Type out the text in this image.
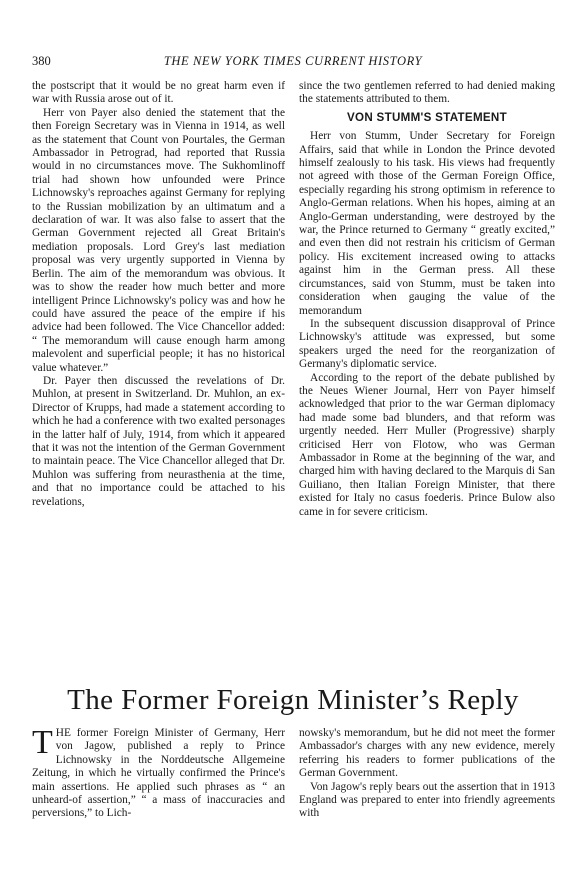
380	THE NEW YORK TIMES CURRENT HISTORY

the postscript that it would be no great harm even if war with Russia arose out of it.

Herr von Payer also denied the statement that the then Foreign Secretary was in Vienna in 1914, as well as the statement that Count von Pourtales, the German Ambassador in Petrograd, had reported that Russia would in no circumstances move. The Sukhomlinoff trial had shown how unfounded were Prince Lichnowsky's reproaches against Germany for replying to the Russian mobilization by an ultimatum and a declaration of war. It was also false to assert that the German Government rejected all Great Britain's mediation proposals. Lord Grey's last mediation proposal was very urgently supported in Vienna by Berlin. The aim of the memorandum was obvious. It was to show the reader how much better and more intelligent Prince Lichnowsky's policy was and how he could have assured the peace of the empire if his advice had been followed. The Vice Chancellor added: “ The memorandum will cause enough harm among malevolent and superficial people; it has no historical value whatever.”

Dr. Payer then discussed the revelations of Dr. Muhlon, at present in Switzerland. Dr. Muhlon, an ex-Director of Krupps, had made a statement according to which he had a conference with two exalted personages in the latter half of July, 1914, from which it appeared that it was not the intention of the German Government to maintain peace. The Vice Chancellor alleged that Dr. Muhlon was suffering from neurasthenia at the time, and that no importance could be attached to his revelations,

since the two gentlemen referred to had denied making the statements attributed to them.

VON STUMM'S STATEMENT

Herr von Stumm, Under Secretary for Foreign Affairs, said that while in London the Prince devoted himself zealously to his task. His views had frequently not agreed with those of the German Foreign Office, especially regarding his strong optimism in reference to Anglo-German relations. When his hopes, aiming at an Anglo-German understanding, were destroyed by the war, the Prince returned to Germany “ greatly excited,” and even then did not restrain his criticism of German policy. His excitement increased owing to attacks against him in the German press. All these circumstances, said von Stumm, must be taken into consideration when gauging the value of the memorandum

In the subsequent discussion disapproval of Prince Lichnowsky's attitude was expressed, but some speakers urged the need for the reorganization of Germany's diplomatic service.

According to the report of the debate published by the Neues Wiener Journal, Herr von Payer himself acknowledged that prior to the war German diplomacy had made some bad blunders, and that reform was urgently needed. Herr Muller (Progressive) sharply criticised Herr von Flotow, who was German Ambassador in Rome at the beginning of the war, and charged him with having declared to the Marquis di San Guiliano, then Italian Foreign Minister, that there existed for Italy no casus foederis. Prince Bulow also came in for severe criticism.

The Former Foreign Minister’s Reply

THE former Foreign Minister of Germany, Herr von Jagow, published a reply to Prince Lichnowsky in the Norddeutsche Allgemeine Zeitung, in which he virtually confirmed the Prince's main assertions. He applied such phrases as “ an unheard-of assertion,” “ a mass of inaccuracies and perversions,” to Lich-

nowsky's memorandum, but he did not meet the former Ambassador's charges with any new evidence, merely referring his readers to former publications of the German Government.

Von Jagow's reply bears out the assertion that in 1913 England was prepared to enter into friendly agreements with
